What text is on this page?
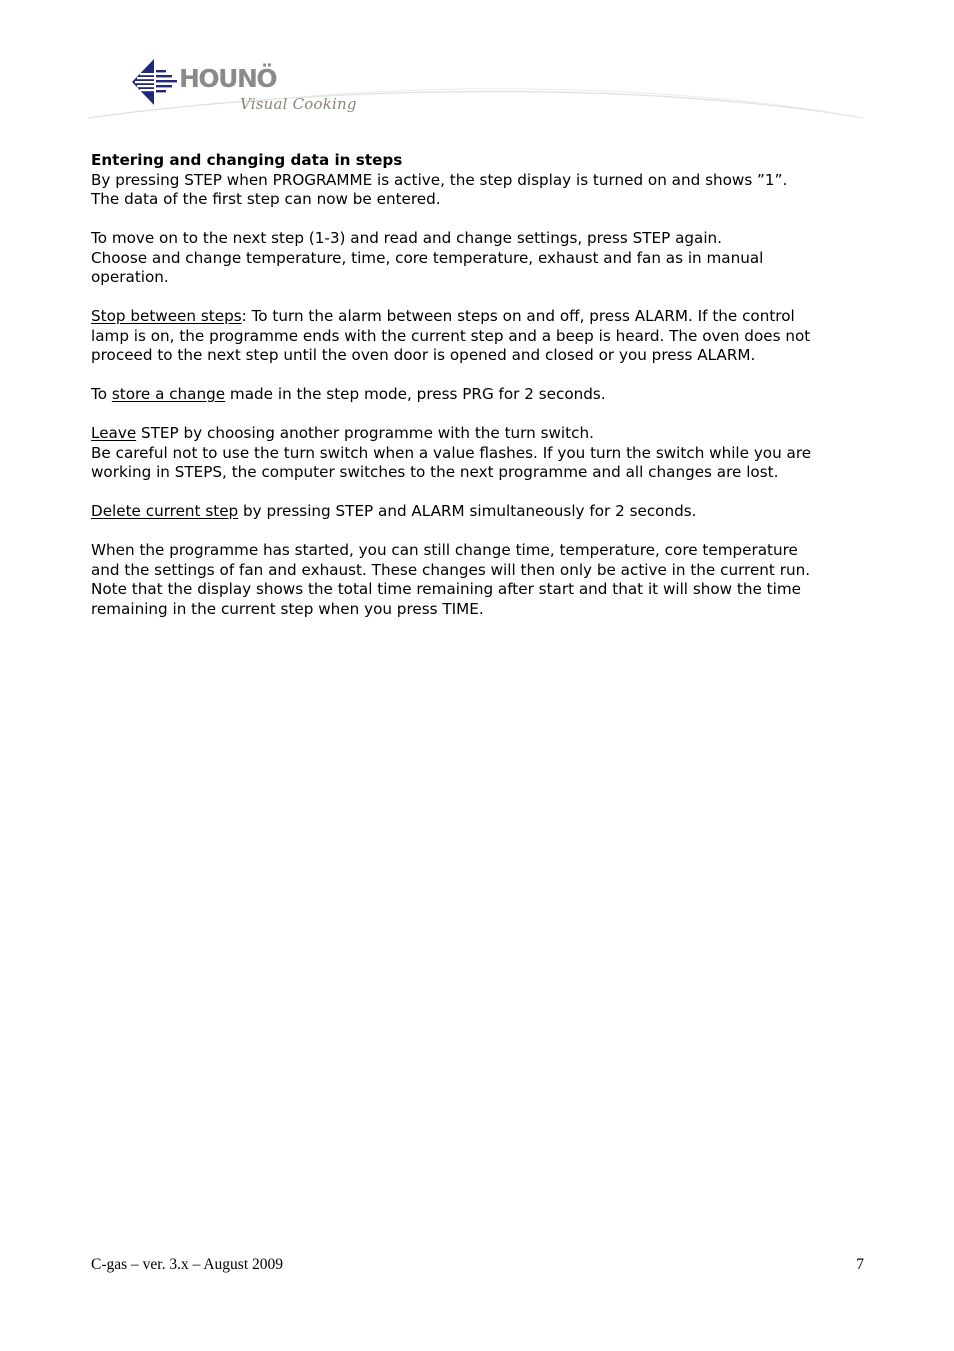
HOUNÖ
Visual Cooking
Entering and changing data in steps

By pressing STEP when PROGRAMME is active, the step display is turned on and shows ”1”.
The data of the first step can now be entered.

To move on to the next step (1-3) and read and change settings, press STEP again.
Choose and change temperature, time, core temperature, exhaust and fan as in manual
operation.

Stop between steps: To turn the alarm between steps on and off, press ALARM. If the control
lamp is on, the programme ends with the current step and a beep is heard. The oven does not
proceed to the next step until the oven door is opened and closed or you press ALARM.

To store a change made in the step mode, press PRG for 2 seconds.

Leave STEP by choosing another programme with the turn switch.
Be careful not to use the turn switch when a value flashes. If you turn the switch while you are
working in STEPS, the computer switches to the next programme and all changes are lost.

Delete current step by pressing STEP and ALARM simultaneously for 2 seconds.

When the programme has started, you can still change time, temperature, core temperature
and the settings of fan and exhaust. These changes will then only be active in the current run.
Note that the display shows the total time remaining after start and that it will show the time
remaining in the current step when you press TIME.

C-gas – ver. 3.x – August 2009	7
